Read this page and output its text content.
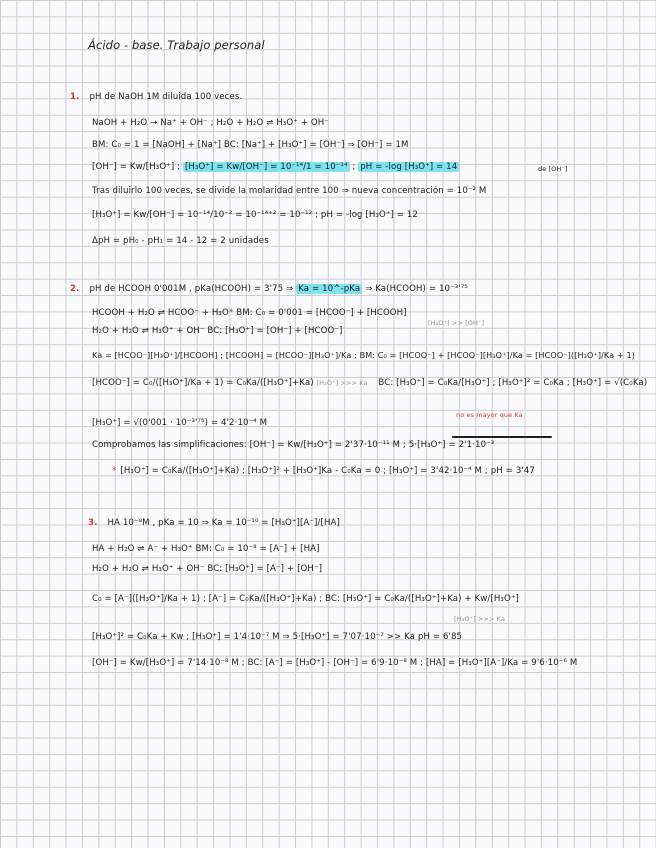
Ácido - base. Trabajo personal
1. pH de NaOH 1M diluida 100 veces.
NaOH + H₂O → Na⁺ + OH⁻ ; H₂O + H₂O ⇌ H₃O⁺ + OH⁻
BM: C₀ = 1 = [NaOH] + [Na⁺] BC: [Na⁺] + [H₃O⁺] = [OH⁻] ⇒ [OH⁻] = 1M
[OH⁻] = Kw/[H₃O⁺] ; [H₃O⁺] = Kw/[OH⁻] = 10⁻¹⁴/1 = 10⁻¹⁴ ; pH = -log [H₃O⁺] = 14	de [OH⁻]
Tras diluirlo 100 veces, se divide la molaridad entre 100 ⇒ nueva concentración = 10⁻² M
[H₃O⁺] = Kw/[OH⁻] = 10⁻¹⁴/10⁻² = 10⁻¹⁴⁺² = 10⁻¹² ; pH = -log [H₃O⁺] = 12
ΔpH = pH₀ - pH₁ = 14 - 12 = 2 unidades
2. pH de HCOOH 0'001M , pKa(HCOOH) = 3'75 ⇒ Ka = 10^-pKa ⇒ Ka(HCOOH) = 10⁻³'⁷⁵
HCOOH + H₂O ⇌ HCOO⁻ + H₃O⁺ BM: C₀ = 0'001 = [HCOO⁻] + [HCOOH]
H₂O + H₂O ⇌ H₃O⁺ + OH⁻ BC: [H₃O⁺] = [OH⁻] + [HCOO⁻]
[H₃O⁺] >> [OH⁻]
Ka = [HCOO⁻][H₃O⁺]/[HCOOH] ; [HCOOH] = [HCOO⁻][H₃O⁺]/Ka ; BM: C₀ = [HCOO⁻] + [HCOO⁻][H₃O⁺]/Ka = [HCOO⁻]([H₃O⁺]/Ka + 1)
[HCOO⁻] = C₀/([H₃O⁺]/Ka + 1) = C₀Ka/([H₃O⁺]+Ka) [H₃O⁺] >>> Ka BC: [H₃O⁺] = C₀Ka/[H₃O⁺] ; [H₃O⁺]² = C₀Ka ; [H₃O⁺] = √(C₀Ka)
[H₃O⁺] = √(0'001 · 10⁻³'⁷⁵) = 4'2·10⁻⁴ M
no es mayor que Ka
Comprobamos las simplificaciones: [OH⁻] = Kw/[H₃O⁺] = 2'37·10⁻¹¹ M ; 5·[H₃O⁺] = 2'1·10⁻³
* [H₃O⁺] = C₀Ka/([H₃O⁺]+Ka) ; [H₃O⁺]² + [H₃O⁺]Ka - C₀Ka = 0 ; [H₃O⁺] = 3'42·10⁻⁴ M ; pH = 3'47
3. HA 10⁻⁸M , pKa = 10 ⇒ Ka = 10⁻¹⁰ = [H₃O⁺][A⁻]/[HA]
HA + H₂O ⇌ A⁻ + H₃O⁺ BM: C₀ = 10⁻⁸ = [A⁻] + [HA]
H₂O + H₂O ⇌ H₃O⁺ + OH⁻ BC: [H₃O⁺] = [A⁻] + [OH⁻]
C₀ = [A⁻]([H₃O⁺]/Ka + 1) ; [A⁻] = C₀Ka/([H₃O⁺]+Ka) ; BC: [H₃O⁺] = C₀Ka/([H₃O⁺]+Ka) + Kw/[H₃O⁺]
[H₃O⁺] >>> Ka
[H₃O⁺]² = C₀Ka + Kw ; [H₃O⁺] = 1'4·10⁻⁷ M ⇒ 5·[H₃O⁺] = 7'07·10⁻⁷ >> Ka pH = 6'85
[OH⁻] = Kw/[H₃O⁺] = 7'14·10⁻⁸ M ; BC: [A⁻] = [H₃O⁺] - [OH⁻] = 6'9·10⁻⁸ M ; [HA] = [H₃O⁺][A⁻]/Ka = 9'6·10⁻⁶ M
